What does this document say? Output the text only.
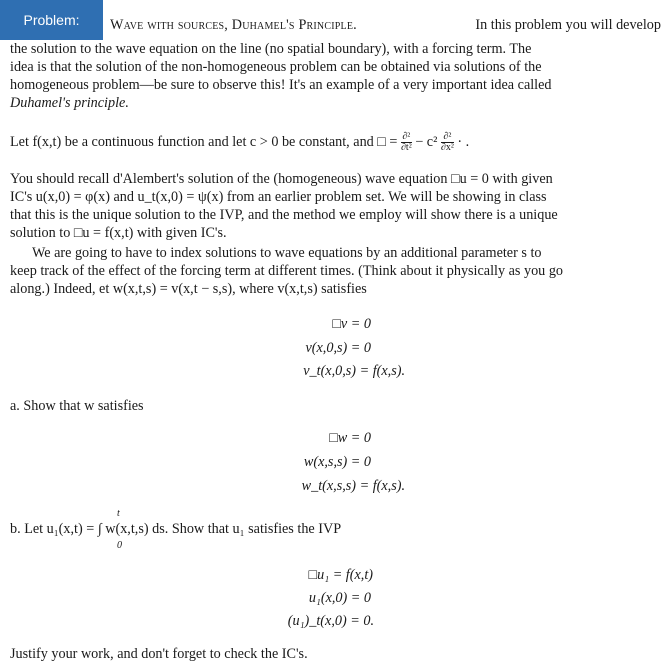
Problem: Wave with sources, Duhamel's Principle.	In this problem you will develop
the solution to the wave equation on the line (no spatial boundary), with a forcing term. The
idea is that the solution of the non-homogeneous problem can be obtained via solutions of the
homogeneous problem—be sure to observe this! It's an example of a very important idea called
Duhamel's principle.
Let f(x,t) be a continuous function and let c > 0 be constant, and □ = $\frac{\text{∂²}}{\text{∂t²}} - c^2 \frac{\text{∂²}}{\text{∂x²}}$ · .
You should recall d'Alembert's solution of the (homogeneous) wave equation □u = 0 with given
IC's u(x,0) = φ(x) and u_t(x,0) = ψ(x) from an earlier problem set. We will be showing in class
that this is the unique solution to the IVP, and the method we employ will show there is a unique
solution to □u = f(x,t) with given IC's.
We are going to have to index solutions to wave equations by an additional parameter s to
keep track of the effect of the forcing term at different times. (Think about it physically as you go
along.) Indeed, et w(x,t,s) = v(x,t − s,s), where v(x,t,s) satisfies
□v = 0
v(x,0,s) = 0
v_t(x,0,s) = f(x,s).
a. Show that w satisfies
□w = 0
w(x,s,s) = 0
w_t(x,s,s) = f(x,s).
t
b. Let u₁(x,t) = ∫ w(x,t,s) ds. Show that u₁ satisfies the IVP
0
□u₁ = f(x,t)
u₁(x,0) = 0
(u₁)_t(x,0) = 0.
Justify your work, and don't forget to check the IC's.
